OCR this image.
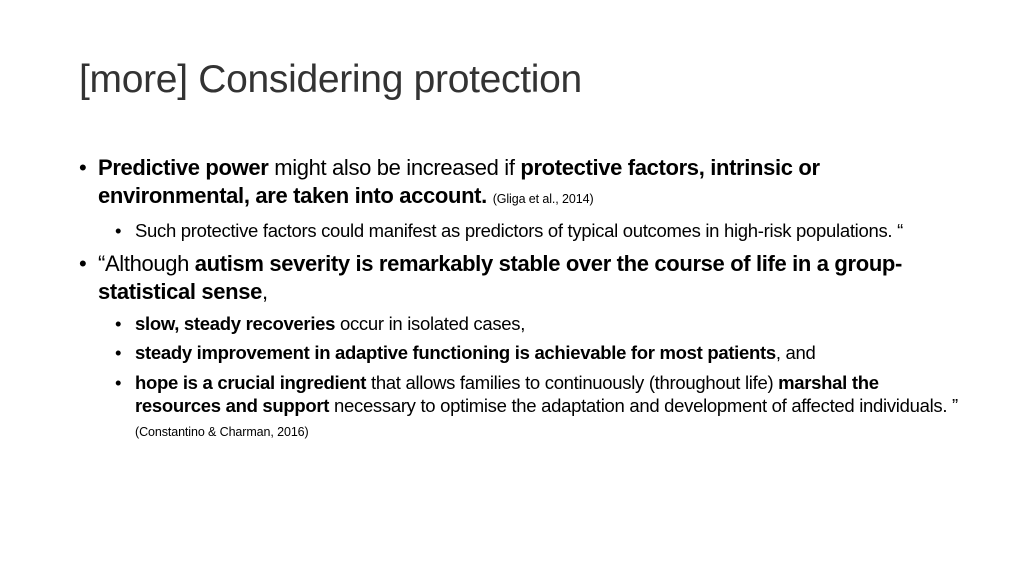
[more] Considering protection
• Predictive power might also be increased if protective factors, intrinsic or environmental, are taken into account. (Gliga et al., 2014)
• Such protective factors could manifest as predictors of typical outcomes in high-risk populations. “
• “Although autism severity is remarkably stable over the course of life in a group-statistical sense,
• slow, steady recoveries occur in isolated cases,
• steady improvement in adaptive functioning is achievable for most patients, and
• hope is a crucial ingredient that allows families to continuously (throughout life) marshal the resources and support necessary to optimise the adaptation and development of affected individuals. ” (Constantino & Charman, 2016)
